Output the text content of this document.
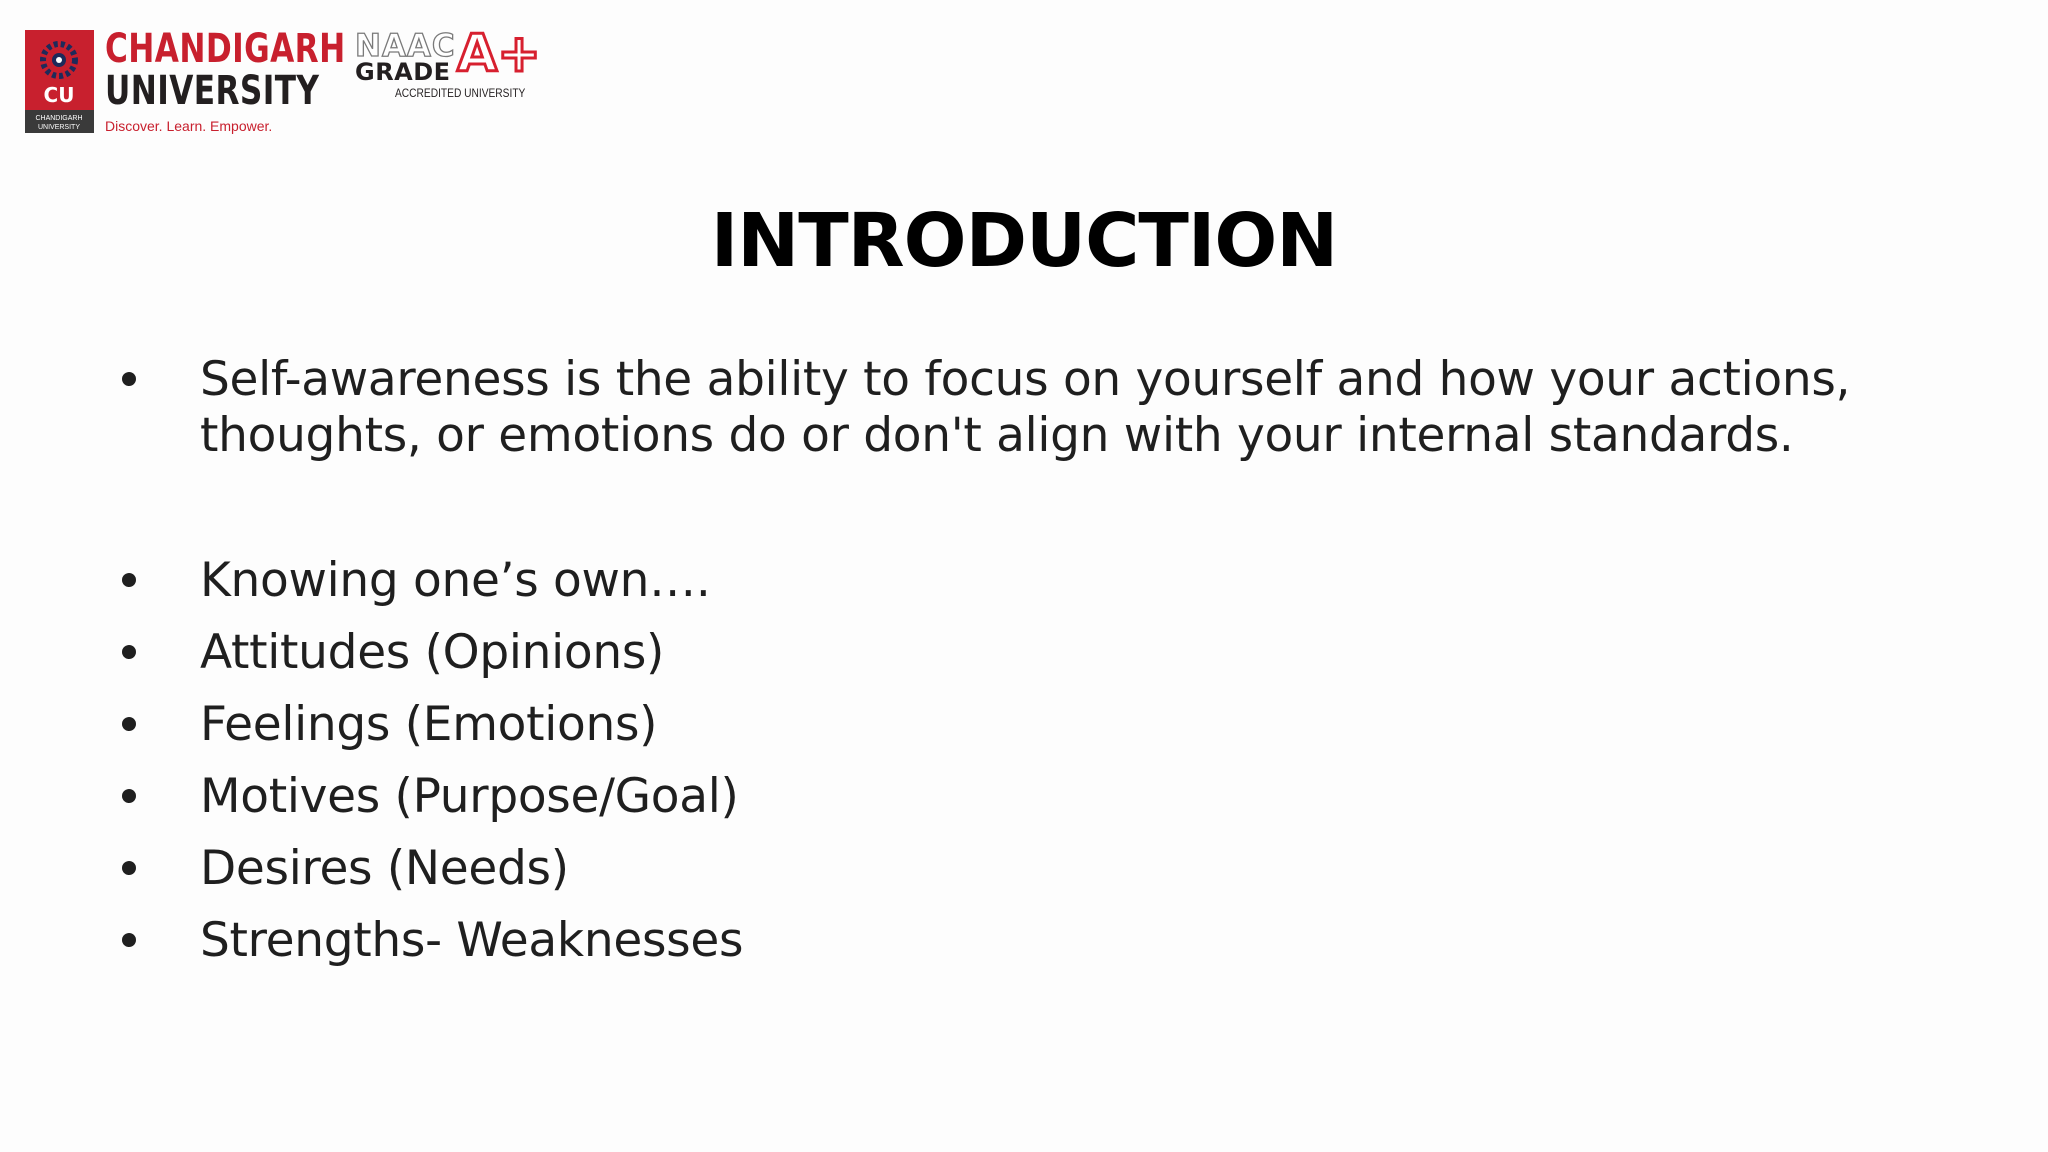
CU
CHANDIGARH
UNIVERSITY
CHANDIGARH
UNIVERSITY
Discover. Learn. Empower.
NAAC
GRADE A+
ACCREDITED UNIVERSITY
INTRODUCTION
Self-awareness is the ability to focus on yourself and how your actions, thoughts, or emotions do or don't align with your internal standards.
Knowing one’s own….
Attitudes (Opinions)
Feelings (Emotions)
Motives (Purpose/Goal)
Desires (Needs)
Strengths- Weaknesses
